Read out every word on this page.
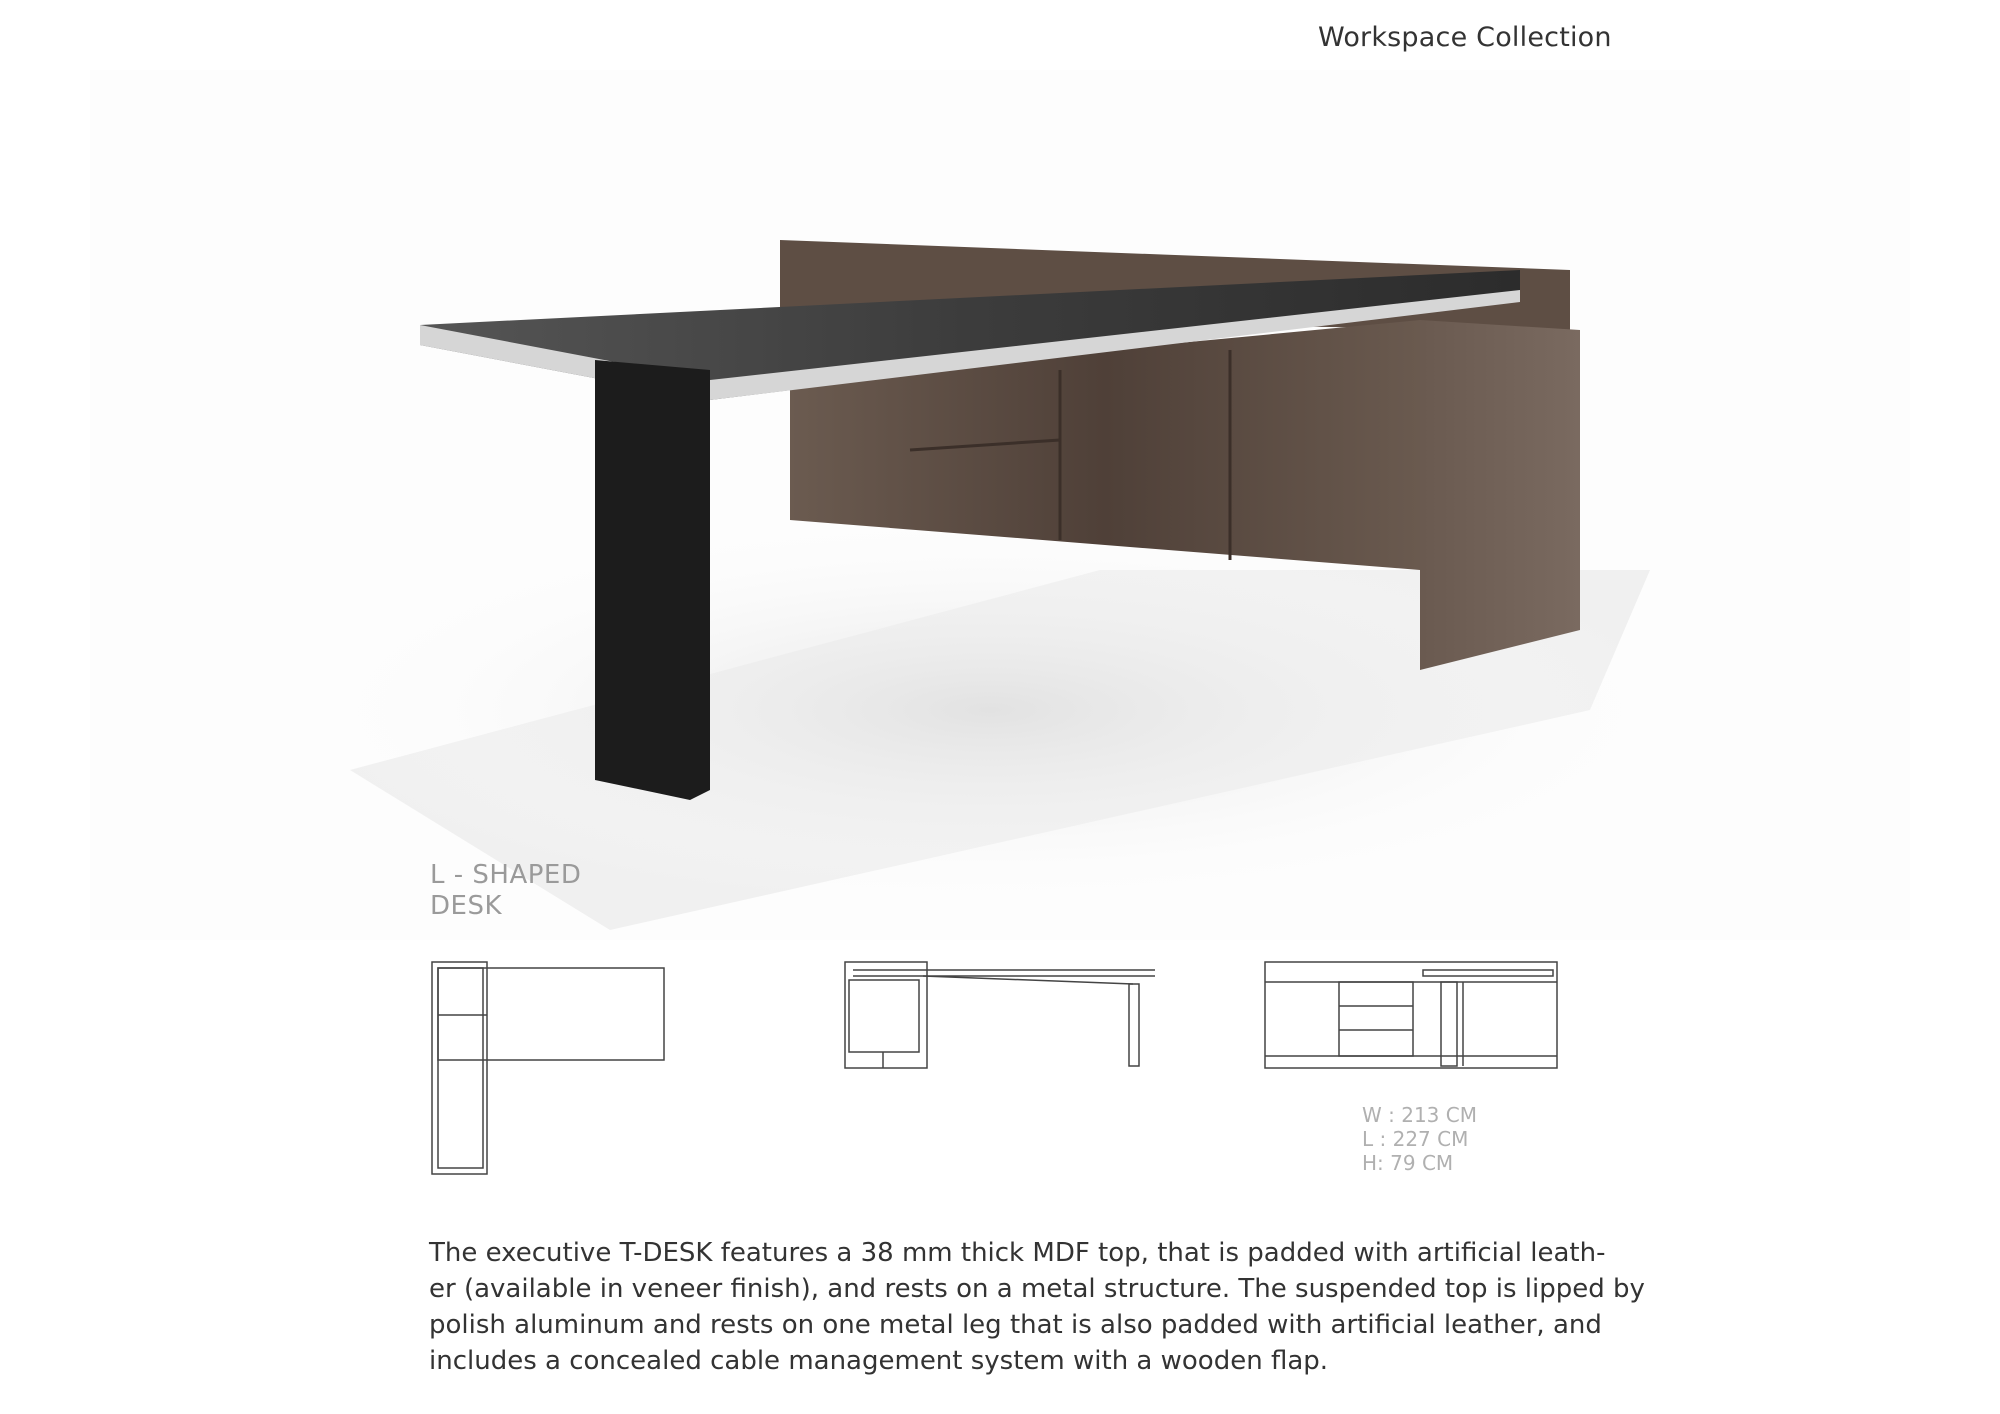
Workspace Collection
L - SHAPED
DESK
W : 213 CM
L : 227 CM
H: 79 CM

The executive T-DESK features a 38 mm thick MDF top, that is padded with artificial leath-

er (available in veneer finish), and rests on a metal structure. The suspended top is lipped by

polish aluminum and rests on one metal leg that is also padded with artificial leather, and

includes a concealed cable management system with a wooden flap.
